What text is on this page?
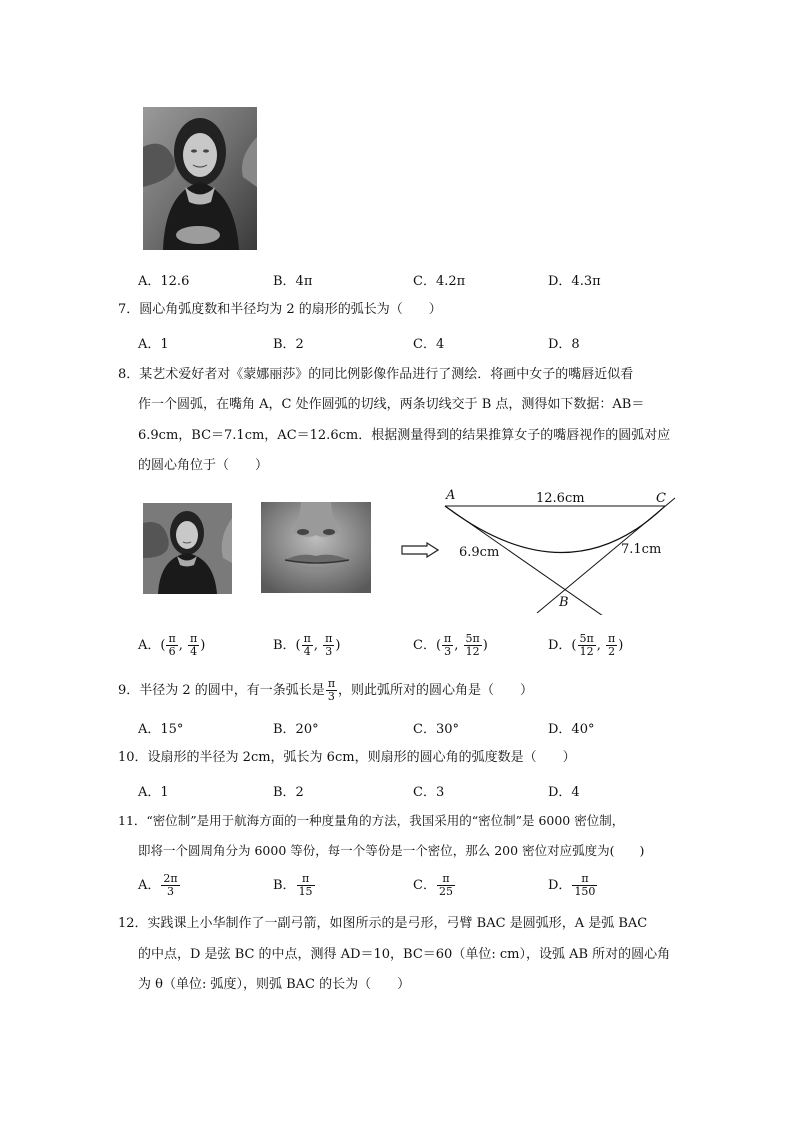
A．12.6	B．4π	C．4.2π	D．4.3π
7．圆心角弧度数和半径均为 2 的扇形的弧长为（　　）
A．1	B．2	C．4	D．8
8．某艺术爱好者对《蒙娜丽莎》的同比例影像作品进行了测绘．将画中女子的嘴唇近似看
作一个圆弧，在嘴角 A，C 处作圆弧的切线，两条切线交于 B 点，测得如下数据：AB＝
6.9cm，BC＝7.1cm，AC＝12.6cm．根据测量得到的结果推算女子的嘴唇视作的圆弧对应
的圆心角位于（　　）
A	C
B
12.6cm
6.9cm	7.1cm
A．( $\frac{\pi}{6}$ , $\frac{\pi}{4}$ )	B．( $\frac{\pi}{4}$ , $\frac{\pi}{3}$ )	C．( $\frac{\pi}{3}$ , $\frac{5\pi}{12}$ )	D．( $\frac{5\pi}{12}$ , $\frac{\pi}{2}$ )
9．半径为 2 的圆中，有一条弧长是 $\frac{\pi}{3}$ ，则此弧所对的圆心角是（　　）
A．15°	B．20°	C．30°	D．40°
10．设扇形的半径为 2cm，弧长为 6cm，则扇形的圆心角的弧度数是（　　）
A．1	B．2	C．3	D．4
11．“密位制”是用于航海方面的一种度量角的方法，我国采用的“密位制”是 6000 密位制，
即将一个圆周角分为 6000 等份，每一个等份是一个密位，那么 200 密位对应弧度为(　　)
A． $\frac{2\pi}{3}$	B． $\frac{\pi}{15}$	C． $\frac{\pi}{25}$	D． $\frac{\pi}{150}$
12．实践课上小华制作了一副弓箭，如图所示的是弓形，弓臂 BAC 是圆弧形，A 是弧 BAC
的中点，D 是弦 BC 的中点，测得 AD＝10，BC＝60（单位: cm），设弧 AB 所对的圆心角
为 θ（单位: 弧度），则弧 BAC 的长为（　　）
